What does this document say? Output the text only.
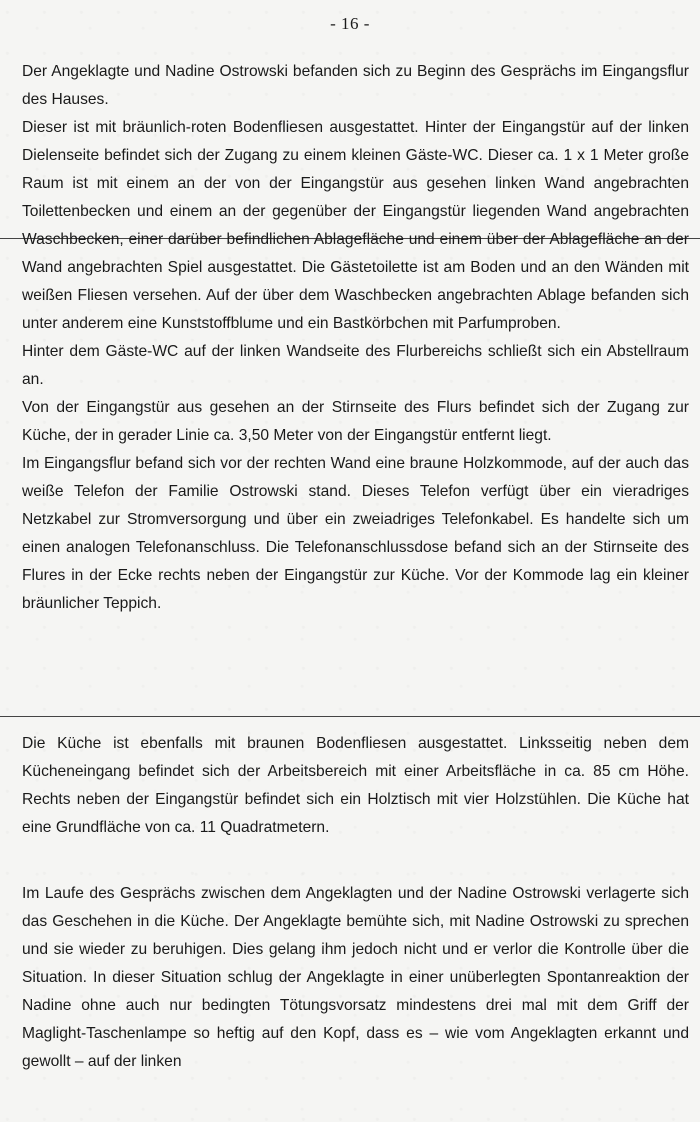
- 16 -

Der Angeklagte und Nadine Ostrowski befanden sich zu Beginn des Gesprächs im Eingangsflur des Hauses.

Dieser ist mit bräunlich-roten Bodenfliesen ausgestattet. Hinter der Eingangstür auf der linken Dielenseite befindet sich der Zugang zu einem kleinen Gäste-WC. Dieser ca. 1 x 1 Meter große Raum ist mit einem an der von der Eingangstür aus gesehen linken Wand angebrachten Toilettenbecken und einem an der gegenüber der Eingangstür liegenden Wand angebrachten Waschbecken, einer darüber befindlichen Ablagefläche und einem über der Ablagefläche an der Wand angebrachten Spiel ausgestattet. Die Gästetoilette ist am Boden und an den Wänden mit weißen Fliesen versehen. Auf der über dem Waschbecken angebrachten Ablage befanden sich unter anderem eine Kunststoffblume und ein Bastkörbchen mit Parfumproben.

Hinter dem Gäste-WC auf der linken Wandseite des Flurbereichs schließt sich ein Abstellraum an.

Von der Eingangstür aus gesehen an der Stirnseite des Flurs befindet sich der Zugang zur Küche, der in gerader Linie ca. 3,50 Meter von der Eingangstür entfernt liegt.

Im Eingangsflur befand sich vor der rechten Wand eine braune Holzkommode, auf der auch das weiße Telefon der Familie Ostrowski stand. Dieses Telefon verfügt über ein vieradriges Netzkabel zur Stromversorgung und über ein zweiadriges Telefonkabel. Es handelte sich um einen analogen Telefonanschluss. Die Telefonanschlussdose befand sich an der Stirnseite des Flures in der Ecke rechts neben der Eingangstür zur Küche. Vor der Kommode lag ein kleiner bräunlicher Teppich.

Die Küche ist ebenfalls mit braunen Bodenfliesen ausgestattet. Linksseitig neben dem Kücheneingang befindet sich der Arbeitsbereich mit einer Arbeitsfläche in ca. 85 cm Höhe. Rechts neben der Eingangstür befindet sich ein Holztisch mit vier Holzstühlen. Die Küche hat eine Grundfläche von ca. 11 Quadratmetern.

Im Laufe des Gesprächs zwischen dem Angeklagten und der Nadine Ostrowski verlagerte sich das Geschehen in die Küche. Der Angeklagte bemühte sich, mit Nadine Ostrowski zu sprechen und sie wieder zu beruhigen. Dies gelang ihm jedoch nicht und er verlor die Kontrolle über die Situation. In dieser Situation schlug der Angeklagte in einer unüberlegten Spontanreaktion der Nadine ohne auch nur bedingten Tötungsvorsatz mindestens drei mal mit dem Griff der Maglight-Taschenlampe so heftig auf den Kopf, dass es – wie vom Angeklagten erkannt und gewollt – auf der linken
